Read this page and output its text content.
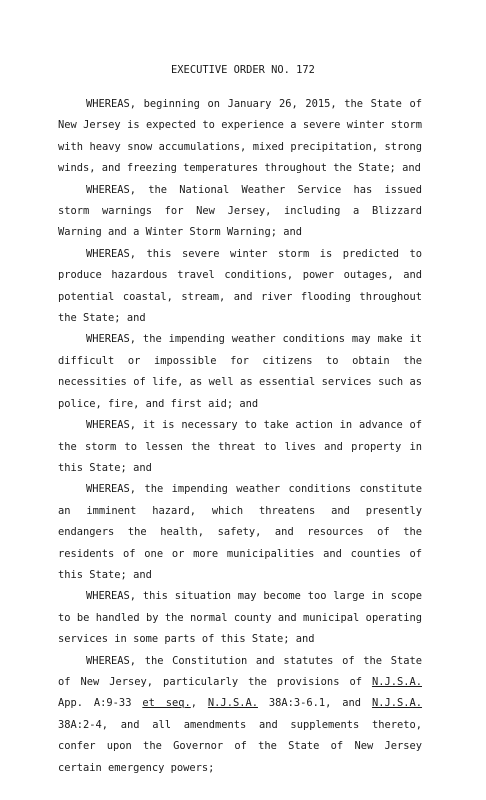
EXECUTIVE ORDER NO. 172

WHEREAS, beginning on January 26, 2015, the State of New Jersey is expected to experience a severe winter storm with heavy snow accumulations, mixed precipitation, strong winds, and freezing temperatures throughout the State; and

WHEREAS, the National Weather Service has issued storm warnings for New Jersey, including a Blizzard Warning and a Winter Storm Warning; and

WHEREAS, this severe winter storm is predicted to produce hazardous travel conditions, power outages, and potential coastal, stream, and river flooding throughout the State; and

WHEREAS, the impending weather conditions may make it difficult or impossible for citizens to obtain the necessities of life, as well as essential services such as police, fire, and first aid; and

WHEREAS, it is necessary to take action in advance of the storm to lessen the threat to lives and property in this State; and

WHEREAS, the impending weather conditions constitute an imminent hazard, which threatens and presently endangers the health, safety, and resources of the residents of one or more municipalities and counties of this State; and

WHEREAS, this situation may become too large in scope to be handled by the normal county and municipal operating services in some parts of this State; and

WHEREAS, the Constitution and statutes of the State of New Jersey, particularly the provisions of N.J.S.A. App. A:9-33 et seq., N.J.S.A. 38A:3-6.1, and N.J.S.A. 38A:2-4, and all amendments and supplements thereto, confer upon the Governor of the State of New Jersey certain emergency powers;
